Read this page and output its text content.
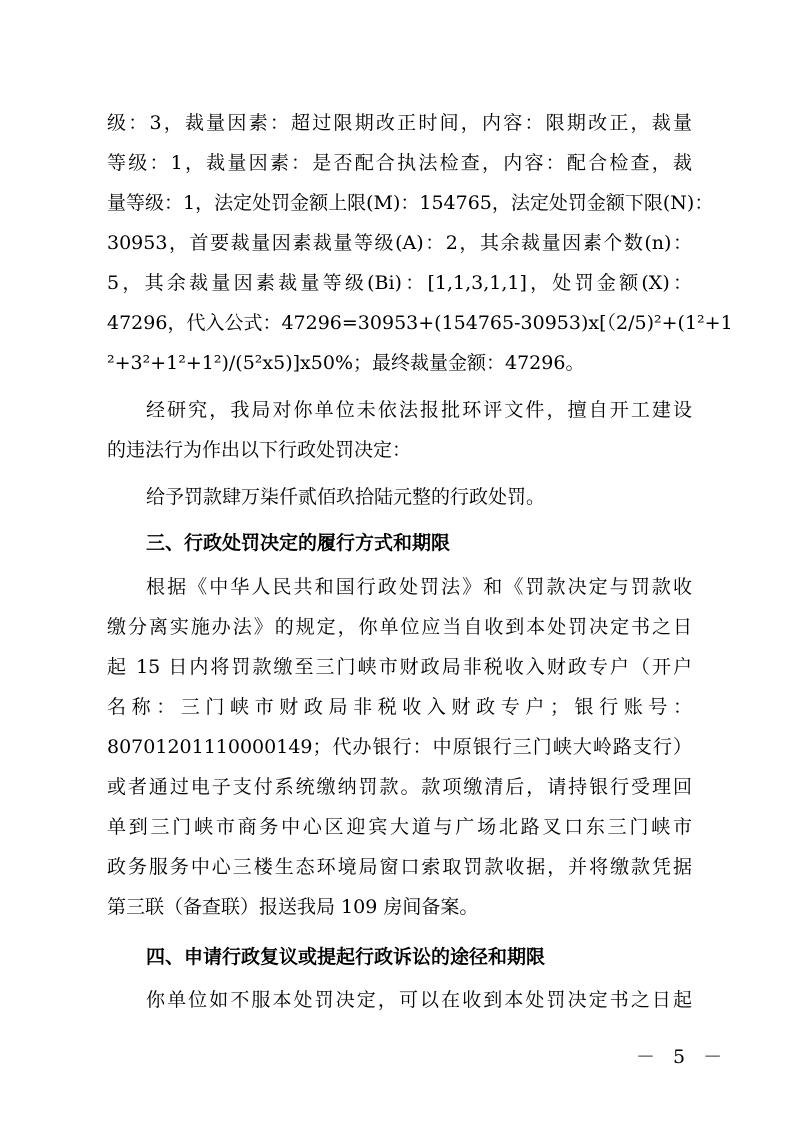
级：3，裁量因素：超过限期改正时间，内容：限期改正，裁量
等级：1，裁量因素：是否配合执法检查，内容：配合检查，裁
量等级：1，法定处罚金额上限(M)：154765，法定处罚金额下限(N)：
30953，首要裁量因素裁量等级(A)：2，其余裁量因素个数(n)：
5，其余裁量因素裁量等级(Bi)：[1,1,3,1,1]，处罚金额(X)：
47296，代入公式：47296=30953+(154765-30953)x[（2/5)²+(1²+1
²+3²+1²+1²)/(5²x5)]x50%；最终裁量金额：47296。
经研究，我局对你单位未依法报批环评文件，擅自开工建设
的违法行为作出以下行政处罚决定：
给予罚款肆万柒仟贰佰玖拾陆元整的行政处罚。
三、行政处罚决定的履行方式和期限
根据《中华人民共和国行政处罚法》和《罚款决定与罚款收
缴分离实施办法》的规定，你单位应当自收到本处罚决定书之日
起 15 日内将罚款缴至三门峡市财政局非税收入财政专户（开户
名称：三门峡市财政局非税收入财政专户；银行账号：
80701201110000149；代办银行：中原银行三门峡大岭路支行）
或者通过电子支付系统缴纳罚款。款项缴清后，请持银行受理回
单到三门峡市商务中心区迎宾大道与广场北路叉口东三门峡市
政务服务中心三楼生态环境局窗口索取罚款收据，并将缴款凭据
第三联（备查联）报送我局 109 房间备案。
四、申请行政复议或提起行政诉讼的途径和期限
你单位如不服本处罚决定，可以在收到本处罚决定书之日起
－ 5 －
